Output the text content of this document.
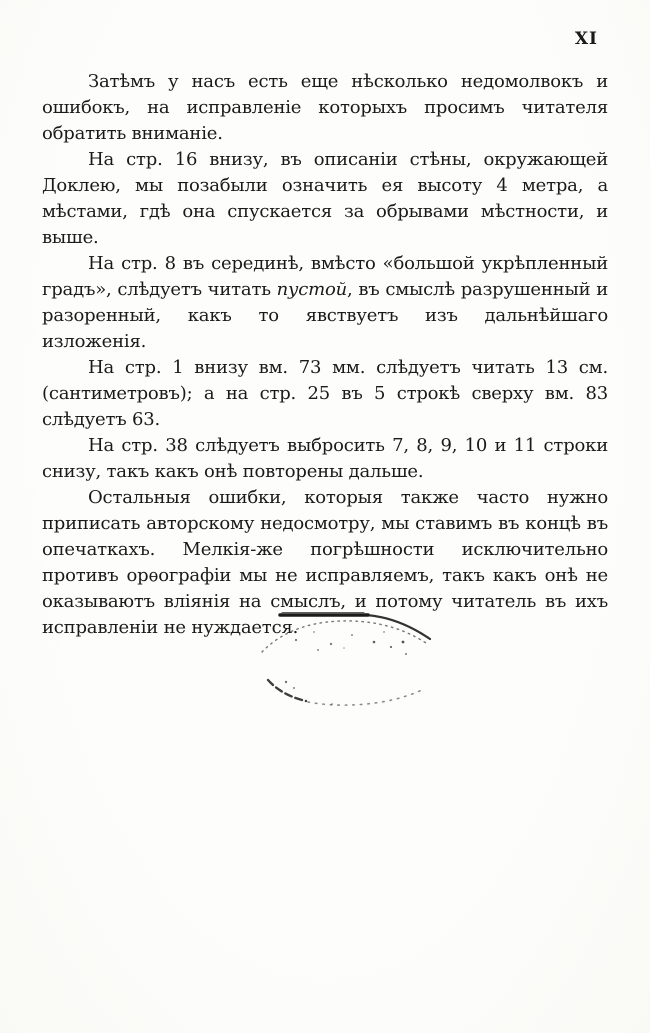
XI

Затѣмъ у насъ есть еще нѣсколько недомолвокъ и ошибокъ, на исправленіе которыхъ просимъ читателя обратить вниманіе.

На стр. 16 внизу, въ описаніи стѣны, окружающей Доклею, мы позабыли означить ея высоту 4 метра, а мѣстами, гдѣ она спускается за обрывами мѣстности, и выше.

На стр. 8 въ серединѣ, вмѣсто «большой укрѣпленный градъ», слѣдуетъ читать пустой, въ смыслѣ разрушенный и разоренный, какъ то явствуетъ изъ дальнѣйшаго изложенія.

На стр. 1 внизу вм. 73 мм. слѣдуетъ читать 13 см. (сантиметровъ); а на стр. 25 въ 5 строкѣ сверху вм. 83 слѣдуетъ 63.

На стр. 38 слѣдуетъ выбросить 7, 8, 9, 10 и 11 строки снизу, такъ какъ онѣ повторены дальше.

Остальныя ошибки, которыя также часто нужно приписать авторскому недосмотру, мы ставимъ въ концѣ въ опечаткахъ. Мелкія-же погрѣшности исключительно противъ орѳографіи мы не исправляемъ, такъ какъ онѣ не оказываютъ вліянія на смыслъ, и потому читатель въ ихъ исправленіи не нуждается.
